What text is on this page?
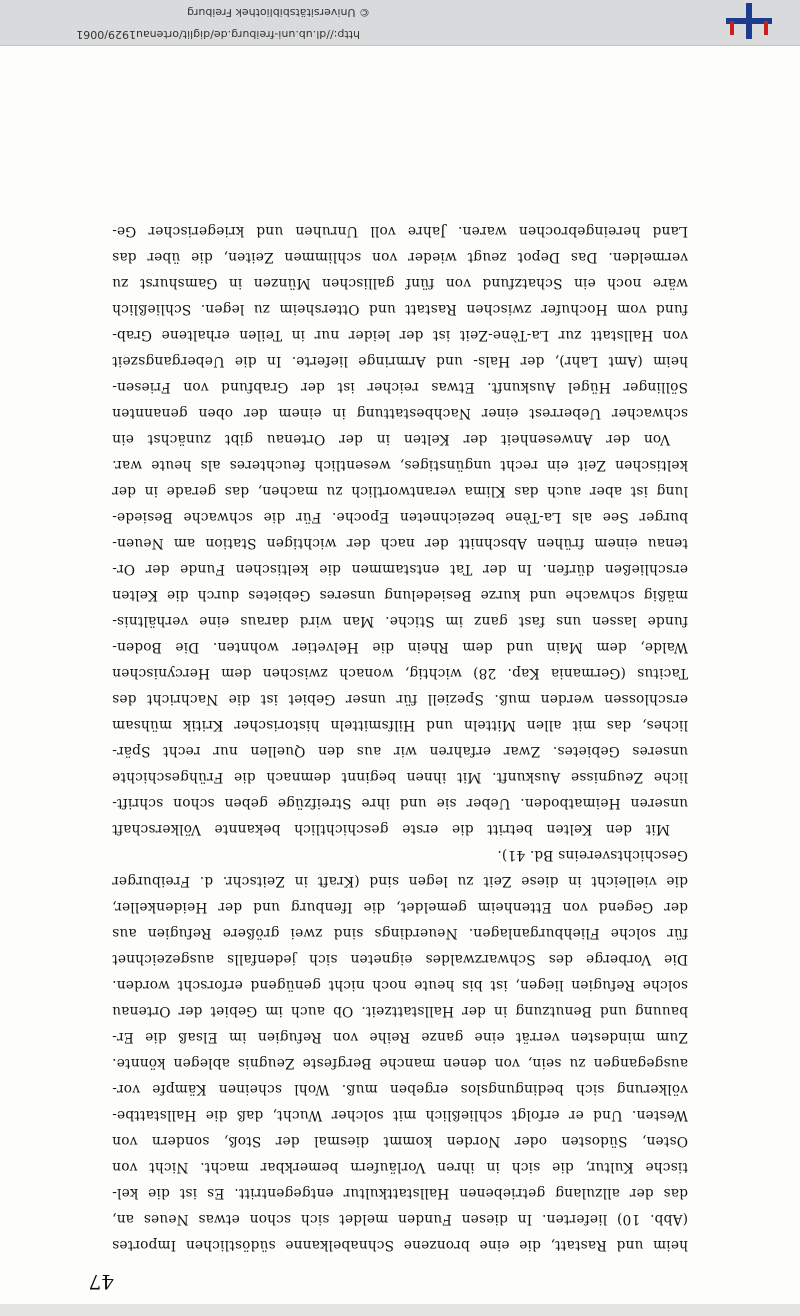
47
heim und Rastatt, die eine bronzene Schnabelkanne südöstlichen Importes
(Abb. 10) lieferten. In diesen Funden meldet sich schon etwas Neues an,
das der allzulang getriebenen Hallstattkultur entgegentritt. Es ist die kel-
tische Kultur, die sich in ihren Vorläufern bemerkbar macht. Nicht von
Osten, Südosten oder Norden kommt diesmal der Stoß, sondern von
Westen. Und er erfolgt schließlich mit solcher Wucht, daß die Hallstattbe-
völkerung sich bedingungslos ergeben muß. Wohl scheinen Kämpfe vor-
ausgegangen zu sein, von denen manche Bergfeste Zeugnis ablegen könnte.
Zum mindesten verrät eine ganze Reihe von Refugien im Elsaß die Er-
bauung und Benutzung in der Hallstattzeit. Ob auch im Gebiet der Ortenau
solche Refugien liegen, ist bis heute noch nicht genügend erforscht worden.
Die Vorberge des Schwarzwaldes eigneten sich jedenfalls ausgezeichnet
für solche Fliehburganlagen. Neuerdings sind zwei größere Refugien aus
der Gegend von Ettenheim gemeldet, die Ifenburg und der Heidenkeller,
die vielleicht in diese Zeit zu legen sind (Kraft in Zeitschr. d. Freiburger
Geschichtsvereins Bd. 41).
Mit den Kelten betritt die erste geschichtlich bekannte Völkerschaft
unseren Heimatboden. Ueber sie und ihre Streifzüge geben schon schrift-
liche Zeugnisse Auskunft. Mit ihnen beginnt demnach die Frühgeschichte
unseres Gebietes. Zwar erfahren wir aus den Quellen nur recht Spär-
liches, das mit allen Mitteln und Hilfsmitteln historischer Kritik mühsam
erschlossen werden muß. Speziell für unser Gebiet ist die Nachricht des
Tacitus (Germania Kap. 28) wichtig, wonach zwischen dem Hercynischen
Walde, dem Main und dem Rhein die Helvetier wohnten. Die Boden-
funde lassen uns fast ganz im Stiche. Man wird daraus eine verhältnis-
mäßig schwache und kurze Besiedelung unseres Gebietes durch die Kelten
erschließen dürfen. In der Tat entstammen die keltischen Funde der Or-
tenau einem frühen Abschnitt der nach der wichtigen Station am Neuen-
burger See als La-Tène bezeichneten Epoche. Für die schwache Besiede-
lung ist aber auch das Klima verantwortlich zu machen, das gerade in der
keltischen Zeit ein recht ungünstiges, wesentlich feuchteres als heute war.
Von der Anwesenheit der Kelten in der Ortenau gibt zunächst ein
schwacher Ueberrest einer Nachbestattung in einem der oben genannten
Söllinger Hügel Auskunft. Etwas reicher ist der Grabfund von Friesen-
heim (Amt Lahr), der Hals- und Armringe lieferte. In die Uebergangszeit
von Hallstatt zur La-Tène-Zeit ist der leider nur in Teilen erhaltene Grab-
fund vom Hochufer zwischen Rastatt und Ottersheim zu legen. Schließlich
wäre noch ein Schatzfund von fünf gallischen Münzen in Gamshurst zu
vermelden. Das Depot zeugt wieder von schlimmen Zeiten, die über das
Land hereingebrochen waren. Jahre voll Unruhen und kriegerischer Ge-
http://dl.ub.uni-freiburg.de/diglit/ortenau1929/0061
© Universitätsbibliothek Freiburg
